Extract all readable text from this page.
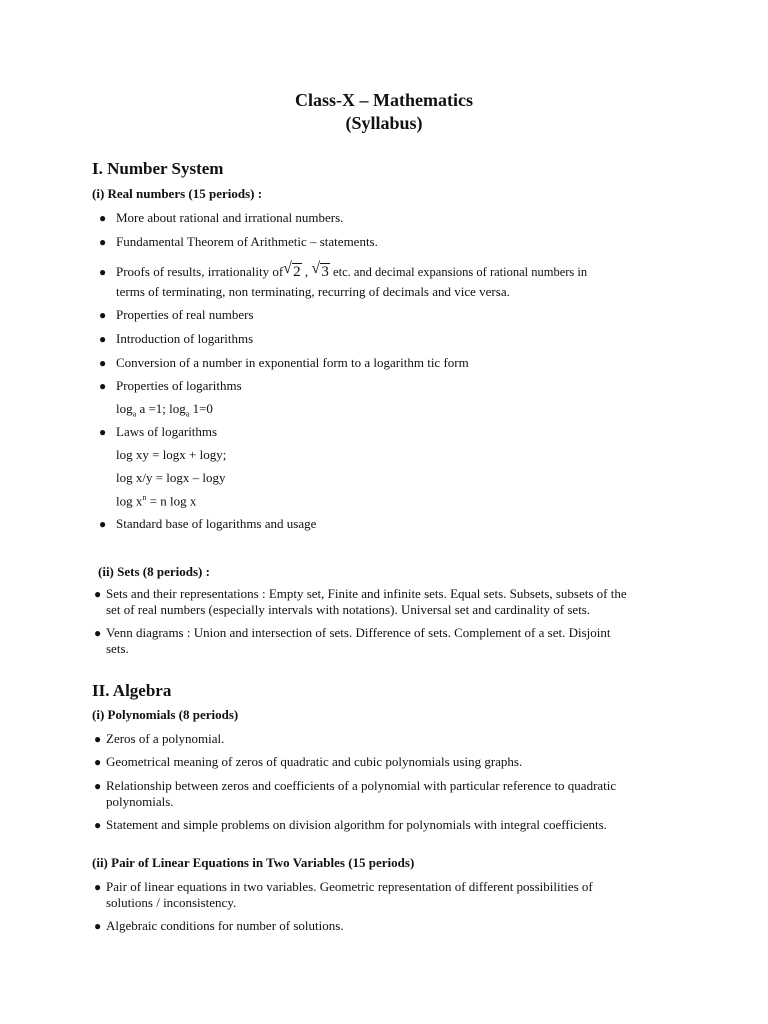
Class-X – Mathematics
(Syllabus)
I. Number System
(i) Real numbers (15 periods) :
● More about rational and irrational numbers.
● Fundamental Theorem of Arithmetic – statements.
● Proofs of results, irrationality of √ 2 , √ 3 etc. and decimal expansions of rational numbers in
terms of terminating, non terminating, recurring of decimals and vice versa.
● Properties of real numbers
● Introduction of logarithms
● Conversion of a number in exponential form to a logarithm tic form
● Properties of logarithms
$\log_a a =1$; $\log_a 1=0$
● Laws of logarithms
log xy = logx + logy;
log x/y = logx – logy
$\log x^n = n$ log x
● Standard base of logarithms and usage
(ii) Sets (8 periods) :
● Sets and their representations : Empty set, Finite and infinite sets. Equal sets. Subsets, subsets of the
set of real numbers (especially intervals with notations). Universal set and cardinality of sets.
● Venn diagrams : Union and intersection of sets. Difference of sets. Complement of a set. Disjoint
sets.
II. Algebra
(i) Polynomials (8 periods)
● Zeros of a polynomial.
● Geometrical meaning of zeros of quadratic and cubic polynomials using graphs.
● Relationship between zeros and coefficients of a polynomial with particular reference to quadratic
polynomials.
● Statement and simple problems on division algorithm for polynomials with integral coefficients.
(ii) Pair of Linear Equations in Two Variables (15 periods)
● Pair of linear equations in two variables. Geometric representation of different possibilities of
solutions / inconsistency.
● Algebraic conditions for number of solutions.
